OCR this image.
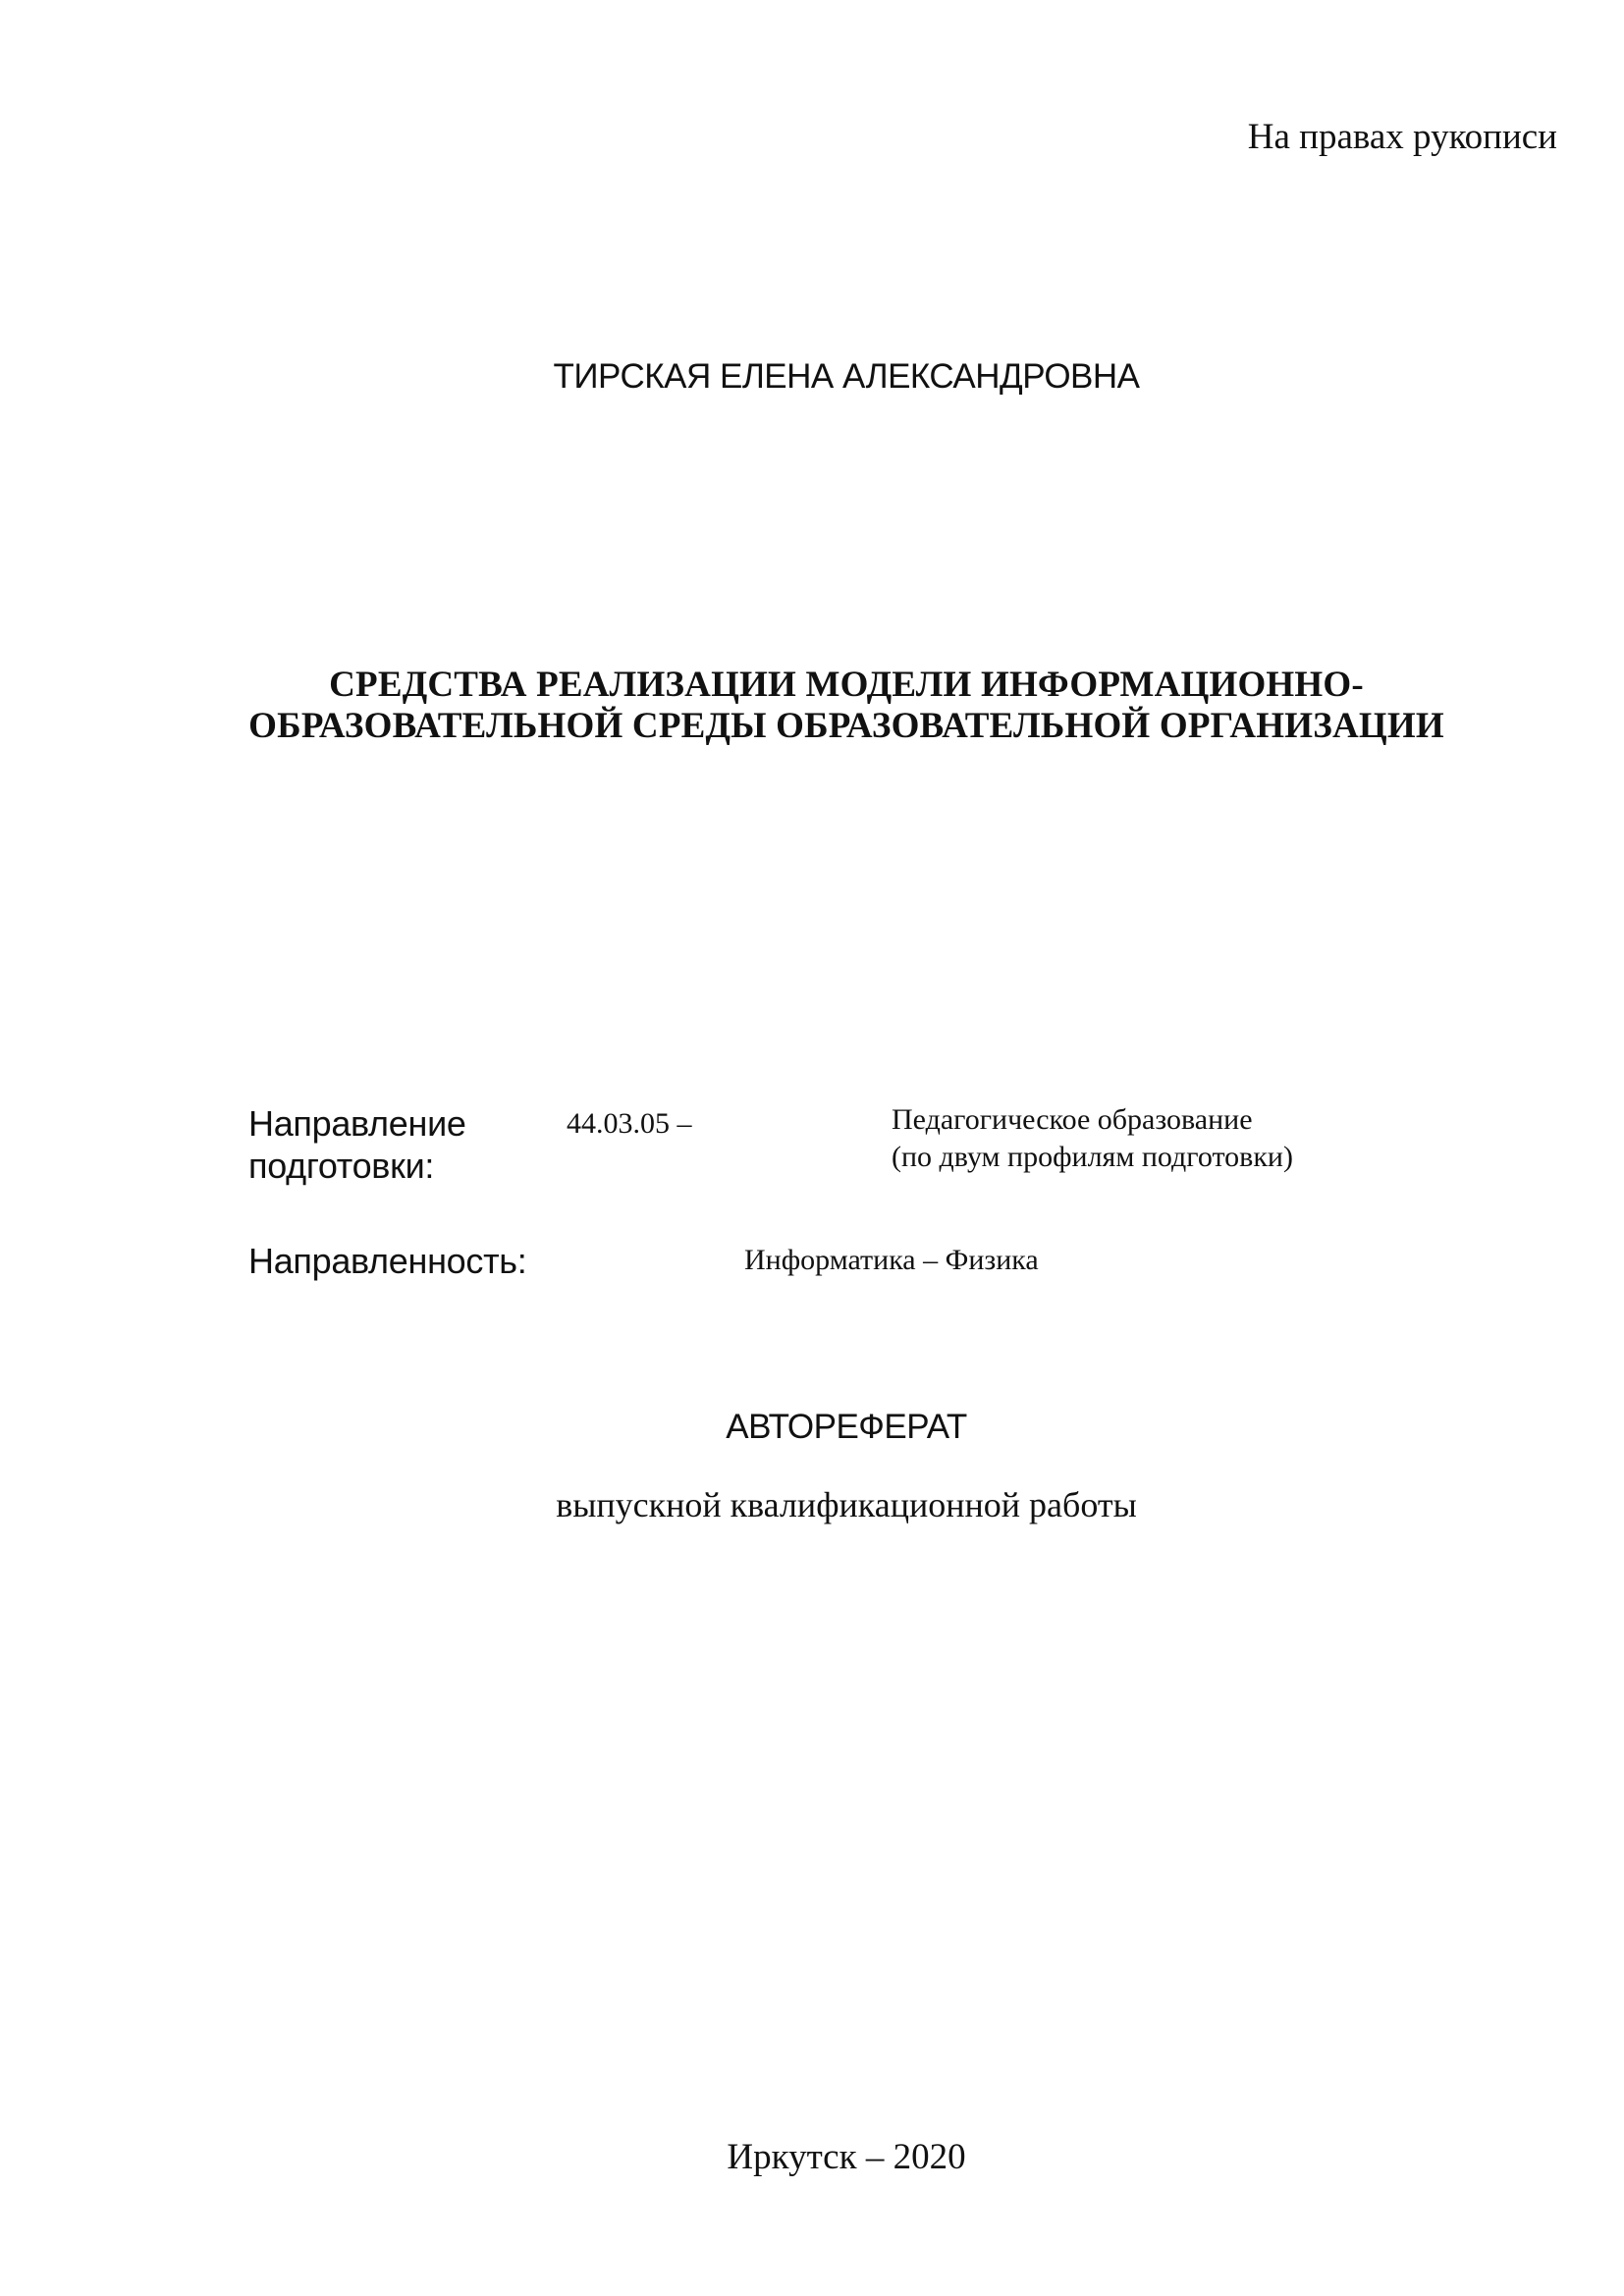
На правах рукописи
ТИРСКАЯ ЕЛЕНА АЛЕКСАНДРОВНА
СРЕДСТВА РЕАЛИЗАЦИИ МОДЕЛИ ИНФОРМАЦИОННО-
ОБРАЗОВАТЕЛЬНОЙ СРЕДЫ ОБРАЗОВАТЕЛЬНОЙ ОРГАНИЗАЦИИ
Направление
подготовки:
44.03.05 –	Педагогическое образование
(по двум профилям подготовки)
Направленность:	Информатика – Физика
АВТОРЕФЕРАТ
выпускной квалификационной работы
Иркутск – 2020
